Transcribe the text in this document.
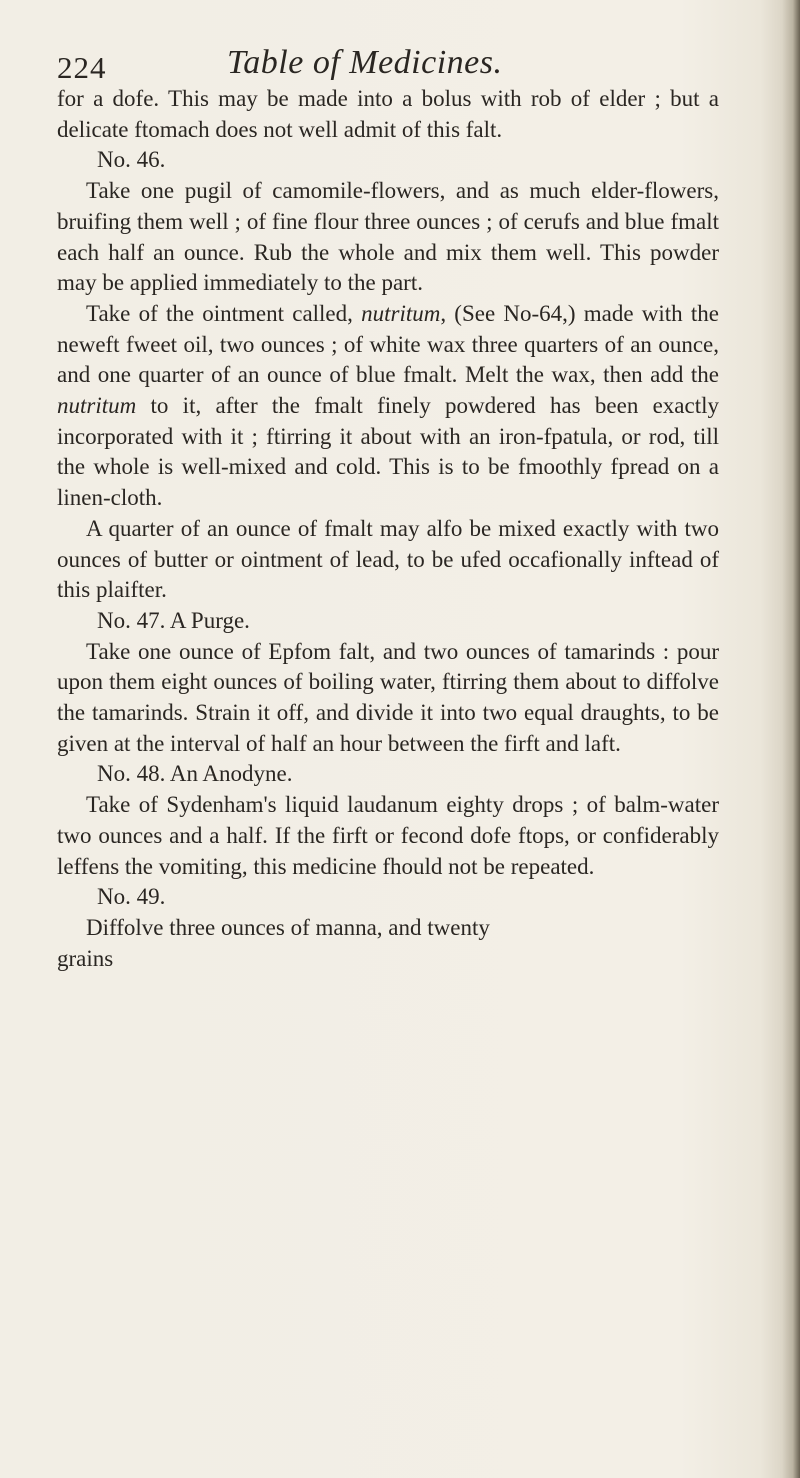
224	Table of Medicines.

for a dofe. This may be made into a bolus with rob of elder ; but a delicate ftomach does not well admit of this falt.

No. 46.

Take one pugil of camomile-flowers, and as much elder-flowers, bruifing them well ; of fine flour three ounces ; of cerufs and blue fmalt each half an ounce. Rub the whole and mix them well. This powder may be applied immediately to the part.

Take of the ointment called, nutritum, (See No-64,) made with the neweft fweet oil, two ounces ; of white wax three quarters of an ounce, and one quarter of an ounce of blue fmalt. Melt the wax, then add the nutritum to it, after the fmalt finely powdered has been exactly incorporated with it ; ftirring it about with an iron-fpatula, or rod, till the whole is well-mixed and cold. This is to be fmoothly fpread on a linen-cloth.

A quarter of an ounce of fmalt may alfo be mixed exactly with two ounces of butter or ointment of lead, to be ufed occafionally inftead of this plaifter.

No. 47. A Purge.

Take one ounce of Epfom falt, and two ounces of tamarinds : pour upon them eight ounces of boiling water, ftirring them about to diffolve the tamarinds. Strain it off, and divide it into two equal draughts, to be given at the interval of half an hour between the firft and laft.

No. 48. An Anodyne.

Take of Sydenham's liquid laudanum eighty drops ; of balm-water two ounces and a half. If the firft or fecond dofe ftops, or confiderably leffens the vomiting, this medicine fhould not be repeated.

No. 49.

Diffolve three ounces of manna, and twenty

grains
